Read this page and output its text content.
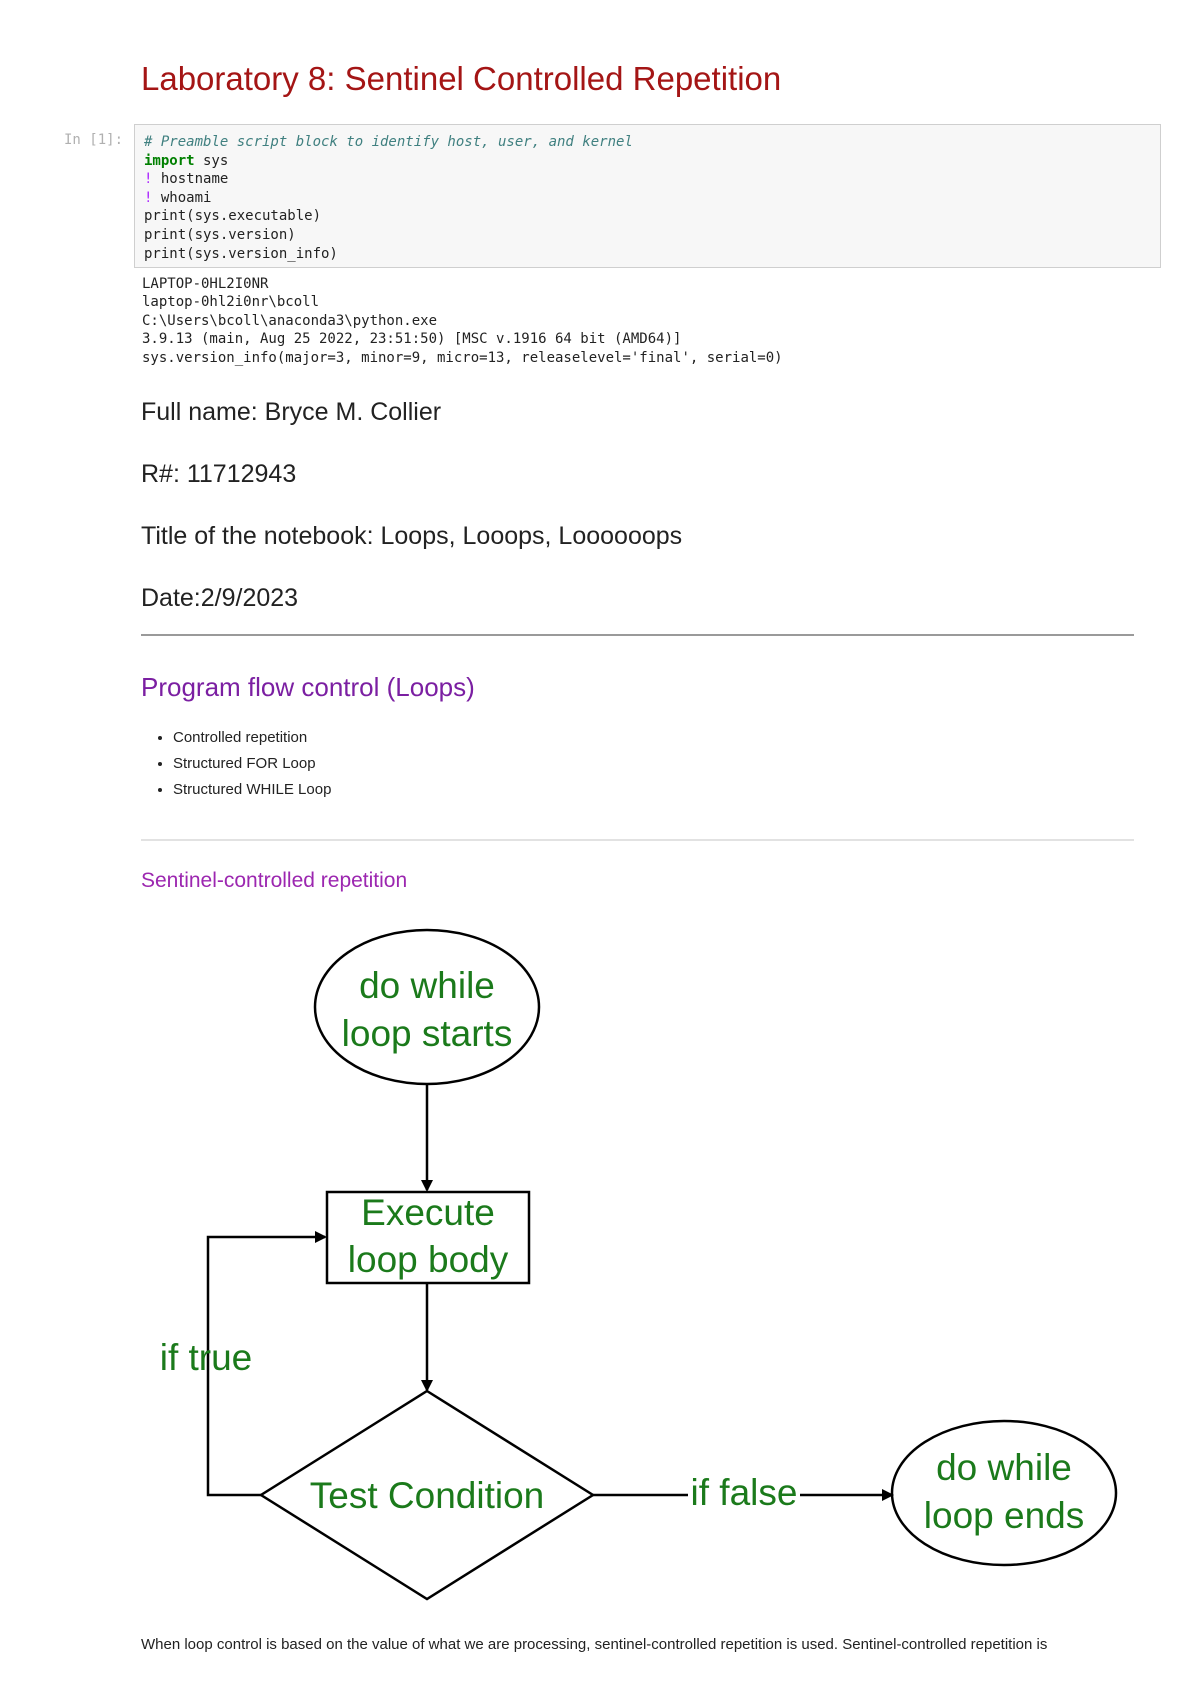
Laboratory 8: Sentinel Controlled Repetition
In [1]:	# Preamble script block to identify host, user, and kernel
import sys
! hostname
! whoami
print(sys.executable)
print(sys.version)
print(sys.version_info)
LAPTOP-0HL2I0NR
laptop-0hl2i0nr\bcoll
C:\Users\bcoll\anaconda3\python.exe
3.9.13 (main, Aug 25 2022, 23:51:50) [MSC v.1916 64 bit (AMD64)]
sys.version_info(major=3, minor=9, micro=13, releaselevel='final', serial=0)
Full name: Bryce M. Collier
R#: 11712943
Title of the notebook: Loops, Looops, Loooooops
Date:2/9/2023
Program flow control (Loops)
• Controlled repetition
• Structured FOR Loop
• Structured WHILE Loop
Sentinel-controlled repetition
do while
loop starts
Execute
loop body
Test Condition
if true
if false
do while
loop ends
When loop control is based on the value of what we are processing, sentinel-controlled repetition is used. Sentinel-controlled repetition is
